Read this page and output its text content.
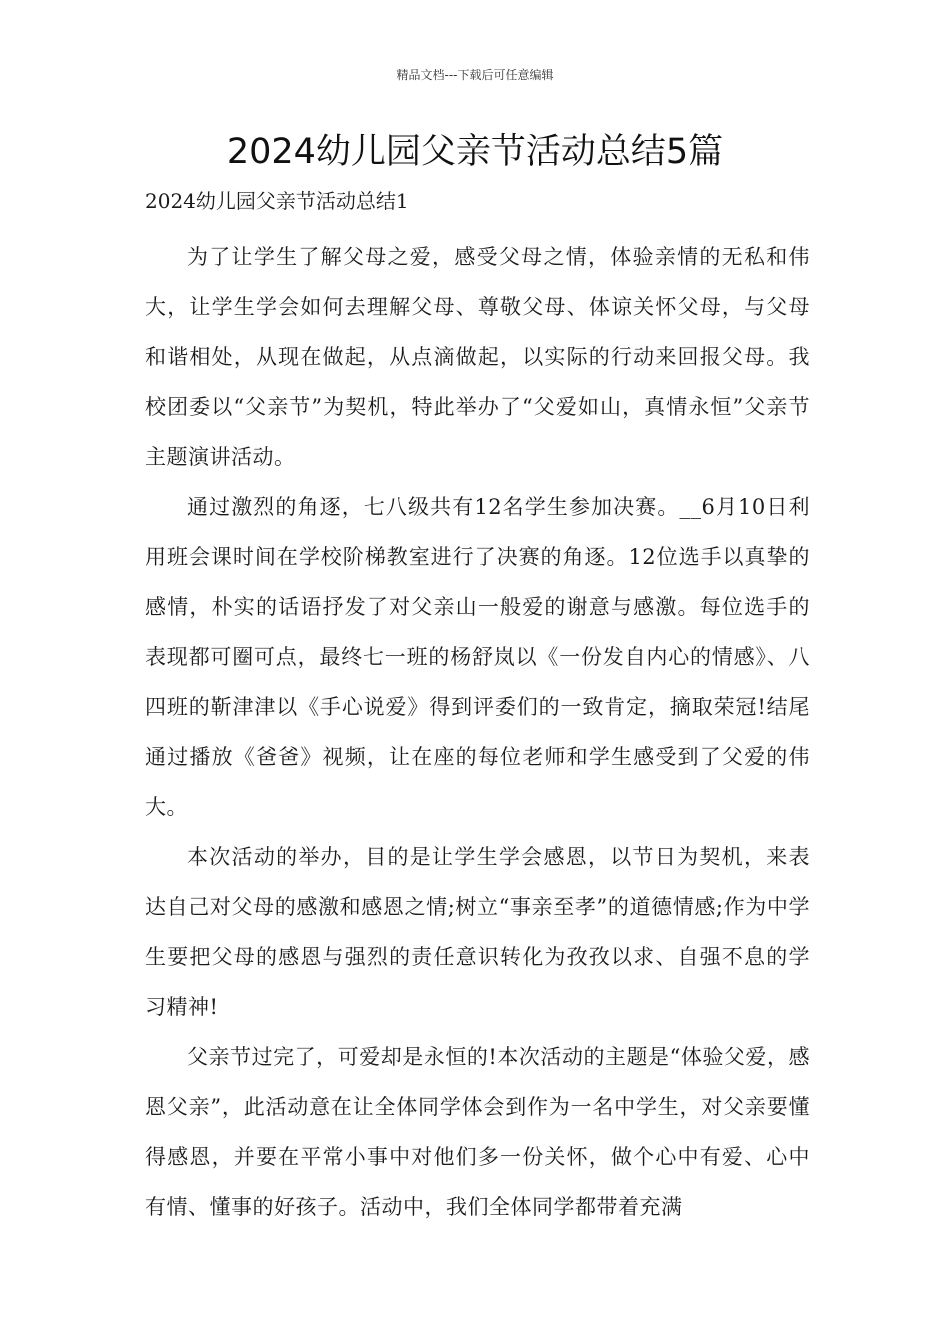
精品文档---下载后可任意编辑
2024幼儿园父亲节活动总结5篇
2024幼儿园父亲节活动总结1

为了让学生了解父母之爱，感受父母之情，体验亲情的无私和伟大，让学生学会如何去理解父母、尊敬父母、体谅关怀父母，与父母和谐相处，从现在做起，从点滴做起，以实际的行动来回报父母。我校团委以“父亲节”为契机，特此举办了“父爱如山，真情永恒”父亲节主题演讲活动。

通过激烈的角逐，七八级共有12名学生参加决赛。__6月10日利用班会课时间在学校阶梯教室进行了决赛的角逐。12位选手以真挚的感情，朴实的话语抒发了对父亲山一般爱的谢意与感激。每位选手的表现都可圈可点，最终七一班的杨舒岚以《一份发自内心的情感》、八四班的靳津津以《手心说爱》得到评委们的一致肯定，摘取荣冠!结尾通过播放《爸爸》视频，让在座的每位老师和学生感受到了父爱的伟大。

本次活动的举办，目的是让学生学会感恩，以节日为契机，来表达自己对父母的感激和感恩之情;树立“事亲至孝”的道德情感;作为中学生要把父母的感恩与强烈的责任意识转化为孜孜以求、自强不息的学习精神!

父亲节过完了，可爱却是永恒的!本次活动的主题是“体验父爱，感恩父亲”，此活动意在让全体同学体会到作为一名中学生，对父亲要懂得感恩，并要在平常小事中对他们多一份关怀，做个心中有爱、心中有情、懂事的好孩子。活动中，我们全体同学都带着充满
